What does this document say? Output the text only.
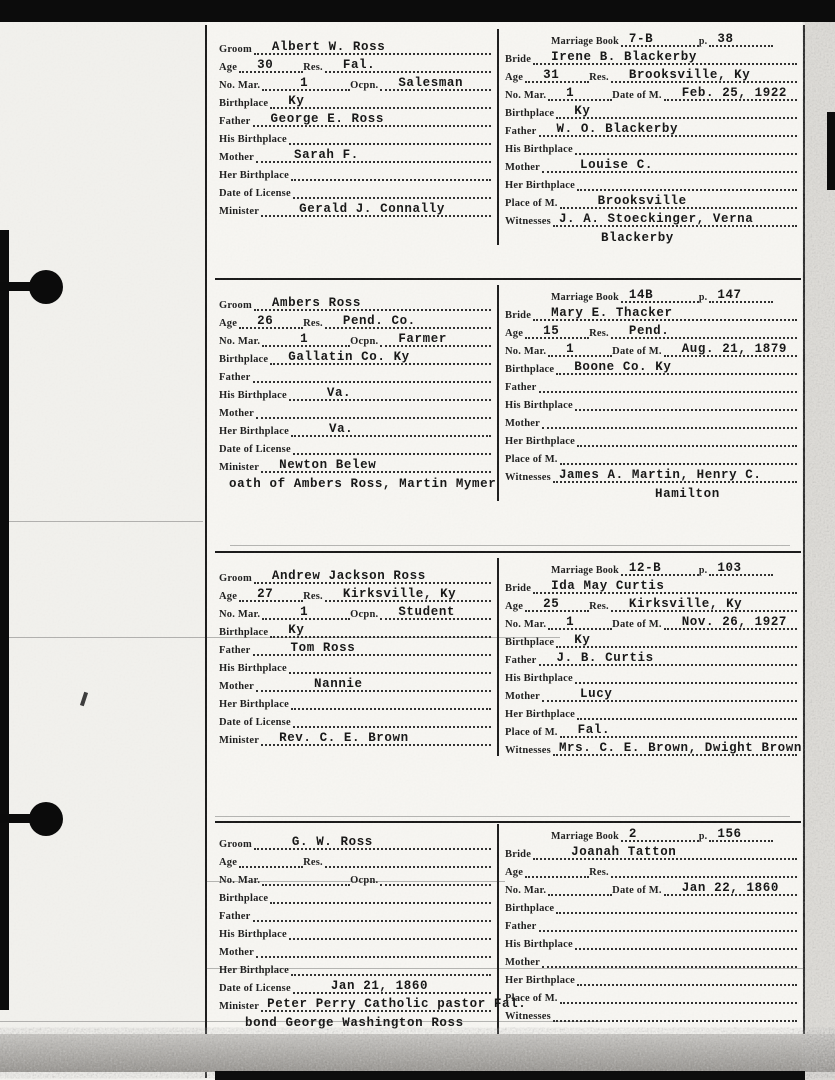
Groom Albert W. Ross
Age 30	Res. Fal.
No. Mar.	1	Ocpn. Salesman
Birthplace Ky
Father George E. Ross
His Birthplace
Mother	Sarah F.
Her Birthplace
Date of License
Minister	Gerald J. Connally
Marriage Book 7-B	p. 38
Bride Irene B. Blackerby
Age 31	Res. Brooksville, Ky
No. Mar. 1	Date of M. Feb. 25, 1922
Birthplace Ky
Father W. O. Blackerby
His Birthplace
Mother	Louise C.
Her Birthplace
Place of M.	Brooksville
Witnesses J. A. Stoeckinger, Verna
Blackerby
Groom Ambers Ross
Age 26	Res. Pend. Co.
No. Mar.	1	Ocpn. Farmer
Birthplace Gallatin Co. Ky
Father
His Birthplace	Va.
Mother
Her Birthplace	Va.
Date of License
Minister Newton Belew
oath of Ambers Ross, Martin Mymer
Marriage Book 14B	p. 147
Bride Mary E. Thacker
Age 15	Res. Pend.
No. Mar. 1	Date of M. Aug. 21, 1879
Birthplace Boone Co. Ky
Father
His Birthplace
Mother
Her Birthplace
Place of M.
Witnesses James A. Martin, Henry C.
Hamilton
Groom Andrew Jackson Ross
Age 27	Res. Kirksville, Ky
No. Mar.	1	Ocpn. Student
Birthplace Ky
Father	Tom Ross
His Birthplace
Mother	Nannie
Her Birthplace
Date of License
Minister Rev. C. E. Brown
Marriage Book 12-B	p. 103
Bride Ida May Curtis
Age 25	Res. Kirksville, Ky
No. Mar. 1	Date of M. Nov. 26, 1927
Birthplace Ky
Father J. B. Curtis
His Birthplace
Mother	Lucy
Her Birthplace
Place of M. Fal.
Witnesses Mrs. C. E. Brown, Dwight Brown
Groom	G. W. Ross
Age	Res.
No. Mar.	Ocpn.
Birthplace
Father
His Birthplace
Mother
Her Birthplace
Date of License	Jan 21, 1860
Minister Peter Perry Catholic pastor Fal.
bond George Washington Ross
Marriage Book 2	p. 156
Bride	Joanah Tatton
Age	Res.
No. Mar.	Date of M. Jan 22, 1860
Birthplace
Father
His Birthplace
Mother
Her Birthplace
Place of M.
Witnesses
